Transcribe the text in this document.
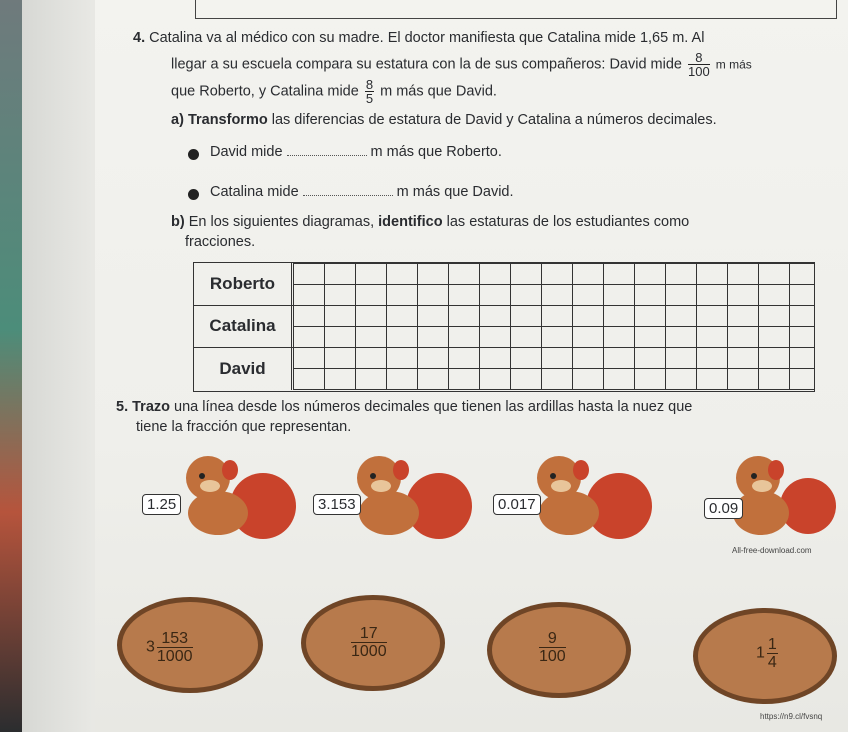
4. Catalina va al médico con su madre. El doctor manifiesta que Catalina mide 1,65 m. Al
llegar a su escuela compara su estatura con la de sus compañeros: David mide $\frac{8}{100}$ m más
que Roberto, y Catalina mide $\frac{8}{5}$ m más que David.
a) Transformo las diferencias de estatura de David y Catalina a números decimales.
David mide	m más que Roberto.
Catalina mide	m más que David.
b) En los siguientes diagramas, identifico las estaturas de los estudiantes como
fracciones.
Roberto
Catalina
David
5. Trazo una línea desde los números decimales que tienen las ardillas hasta la nuez que
tiene la fracción que representan.
1.25	3.153	0.017	0.09
All-free-download.com
$3 \frac{153}{1000}$	$\frac{17}{1000}$	$\frac{9}{100}$	$1 \frac{1}{4}$
https://n9.cl/fvsnq
